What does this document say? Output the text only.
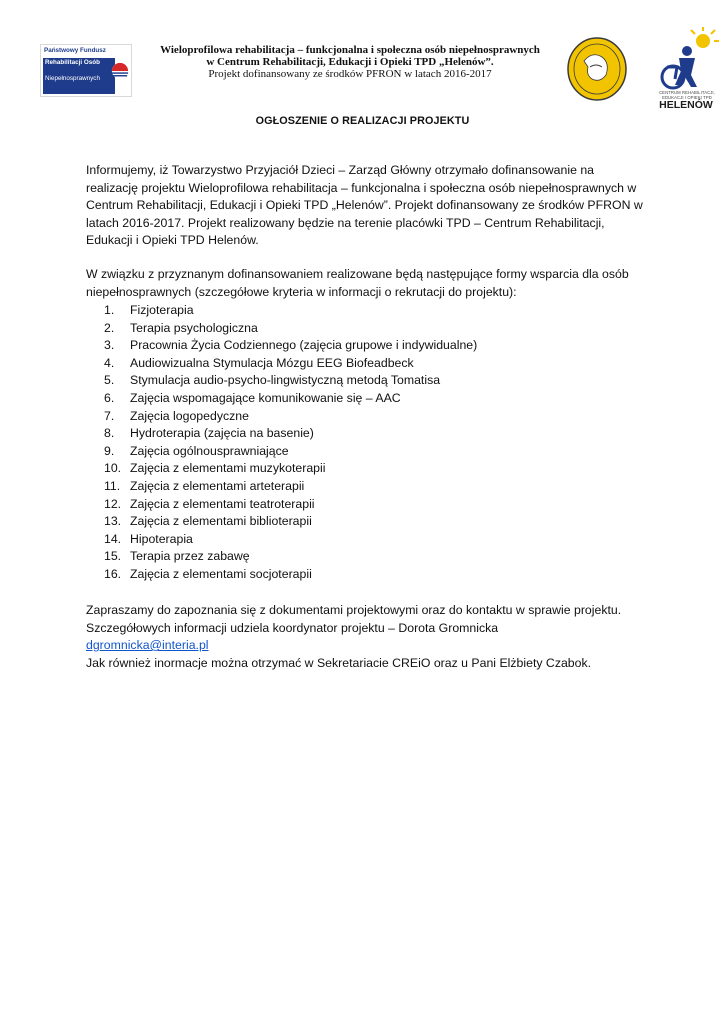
Państwowy Fundusz
Rehabilitacji Osób
Niepełnosprawnych
Wieloprofilowa rehabilitacja – funkcjonalna i społeczna osób niepełnosprawnych
w Centrum Rehabilitacji, Edukacji i Opieki TPD „Helenów”.
Projekt dofinansowany ze środków PFRON w latach 2016-2017
CENTRUM REHABILITACJI, EDUKACJI I OPIEKI TPD
HELENÓW
OGŁOSZENIE O REALIZACJI PROJEKTU
Informujemy, iż Towarzystwo Przyjaciół Dzieci – Zarząd Główny otrzymało dofinansowanie na realizację projektu Wieloprofilowa rehabilitacja – funkcjonalna i społeczna osób niepełnosprawnych w Centrum Rehabilitacji, Edukacji i Opieki TPD „Helenów”. Projekt dofinansowany ze środków PFRON w latach 2016-2017. Projekt realizowany będzie na terenie placówki TPD – Centrum Rehabilitacji, Edukacji i Opieki TPD Helenów.
W związku z przyznanym dofinansowaniem realizowane będą następujące formy wsparcia dla osób niepełnosprawnych (szczegółowe kryteria w informacji o rekrutacji do projektu):
1.	Fizjoterapia
2.	Terapia psychologiczna
3.	Pracownia Życia Codziennego (zajęcia grupowe i indywidualne)
4.	Audiowizualna Stymulacja Mózgu EEG Biofeadbeck
5.	Stymulacja audio-psycho-lingwistyczną metodą Tomatisa
6.	Zajęcia wspomagające komunikowanie się – AAC
7.	Zajęcia logopedyczne
8.	Hydroterapia (zajęcia na basenie)
9.	Zajęcia ogólnousprawniające
10. Zajęcia z elementami muzykoterapii
11. Zajęcia z elementami arteterapii
12. Zajęcia z elementami teatroterapii
13. Zajęcia z elementami biblioterapii
14. Hipoterapia
15. Terapia przez zabawę
16. Zajęcia z elementami socjoterapii
Zapraszamy do zapoznania się z dokumentami projektowymi oraz do kontaktu w sprawie projektu.
Szczegółowych informacji udziela koordynator projektu – Dorota Gromnicka
dgromnicka@interia.pl
Jak również inormacje można otrzymać w Sekretariacie CREiO oraz u Pani Elżbiety Czabok.
